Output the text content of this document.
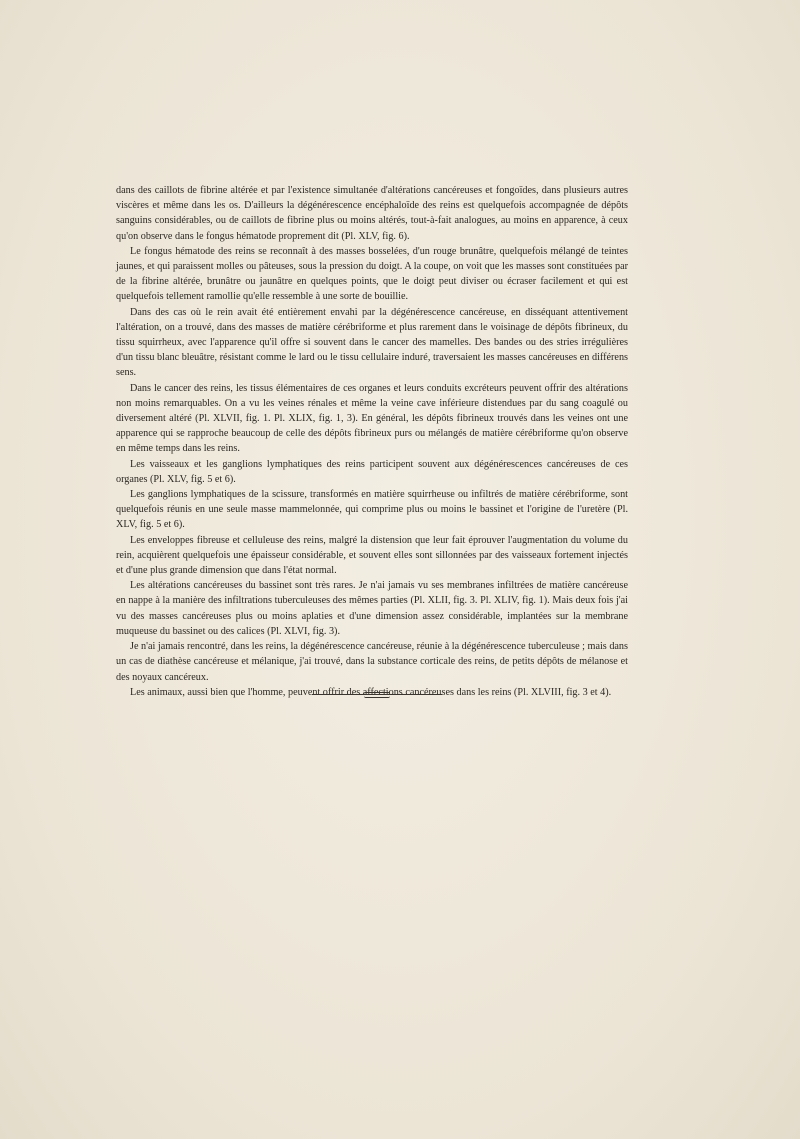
dans des caillots de fibrine altérée et par l'existence simultanée d'altérations cancéreuses et fongoïdes, dans plusieurs autres viscères et même dans les os. D'ailleurs la dégénérescence encéphaloïde des reins est quelquefois accompagnée de dépôts sanguins considérables, ou de caillots de fibrine plus ou moins altérés, tout-à-fait analogues, au moins en apparence, à ceux qu'on observe dans le fongus hématode proprement dit (Pl. XLV, fig. 6).

Le fongus hématode des reins se reconnaît à des masses bosselées, d'un rouge brunâtre, quelquefois mélangé de teintes jaunes, et qui paraissent molles ou pâteuses, sous la pression du doigt. A la coupe, on voit que les masses sont constituées par de la fibrine altérée, brunâtre ou jaunâtre en quelques points, que le doigt peut diviser ou écraser facilement et qui est quelquefois tellement ramollie qu'elle ressemble à une sorte de bouillie.

Dans des cas où le rein avait été entièrement envahi par la dégénérescence cancéreuse, en disséquant attentivement l'altération, on a trouvé, dans des masses de matière cérébriforme et plus rarement dans le voisinage de dépôts fibrineux, du tissu squirrheux, avec l'apparence qu'il offre si souvent dans le cancer des mamelles. Des bandes ou des stries irrégulières d'un tissu blanc bleuâtre, résistant comme le lard ou le tissu cellulaire induré, traversaient les masses cancéreuses en différens sens.

Dans le cancer des reins, les tissus élémentaires de ces organes et leurs conduits excréteurs peuvent offrir des altérations non moins remarquables. On a vu les veines rénales et même la veine cave inférieure distendues par du sang coagulé ou diversement altéré (Pl. XLVII, fig. 1. Pl. XLIX, fig. 1, 3). En général, les dépôts fibrineux trouvés dans les veines ont une apparence qui se rapproche beaucoup de celle des dépôts fibrineux purs ou mélangés de matière cérébriforme qu'on observe en même temps dans les reins.

Les vaisseaux et les ganglions lymphatiques des reins participent souvent aux dégénérescences cancéreuses de ces organes (Pl. XLV, fig. 5 et 6).

Les ganglions lymphatiques de la scissure, transformés en matière squirrheuse ou infiltrés de matière cérébriforme, sont quelquefois réunis en une seule masse mammelonnée, qui comprime plus ou moins le bassinet et l'origine de l'uretère (Pl. XLV, fig. 5 et 6).

Les enveloppes fibreuse et celluleuse des reins, malgré la distension que leur fait éprouver l'augmentation du volume du rein, acquièrent quelquefois une épaisseur considérable, et souvent elles sont sillonnées par des vaisseaux fortement injectés et d'une plus grande dimension que dans l'état normal.

Les altérations cancéreuses du bassinet sont très rares. Je n'ai jamais vu ses membranes infiltrées de matière cancéreuse en nappe à la manière des infiltrations tuberculeuses des mêmes parties (Pl. XLII, fig. 3. Pl. XLIV, fig. 1). Mais deux fois j'ai vu des masses cancéreuses plus ou moins aplaties et d'une dimension assez considérable, implantées sur la membrane muqueuse du bassinet ou des calices (Pl. XLVI, fig. 3).

Je n'ai jamais rencontré, dans les reins, la dégénérescence cancéreuse, réunie à la dégénérescence tuberculeuse ; mais dans un cas de diathèse cancéreuse et mélanique, j'ai trouvé, dans la substance corticale des reins, de petits dépôts de mélanose et des noyaux cancéreux.

Les animaux, aussi bien que l'homme, peuvent offrir des affections cancéreuses dans les reins (Pl. XLVIII, fig. 3 et 4).
